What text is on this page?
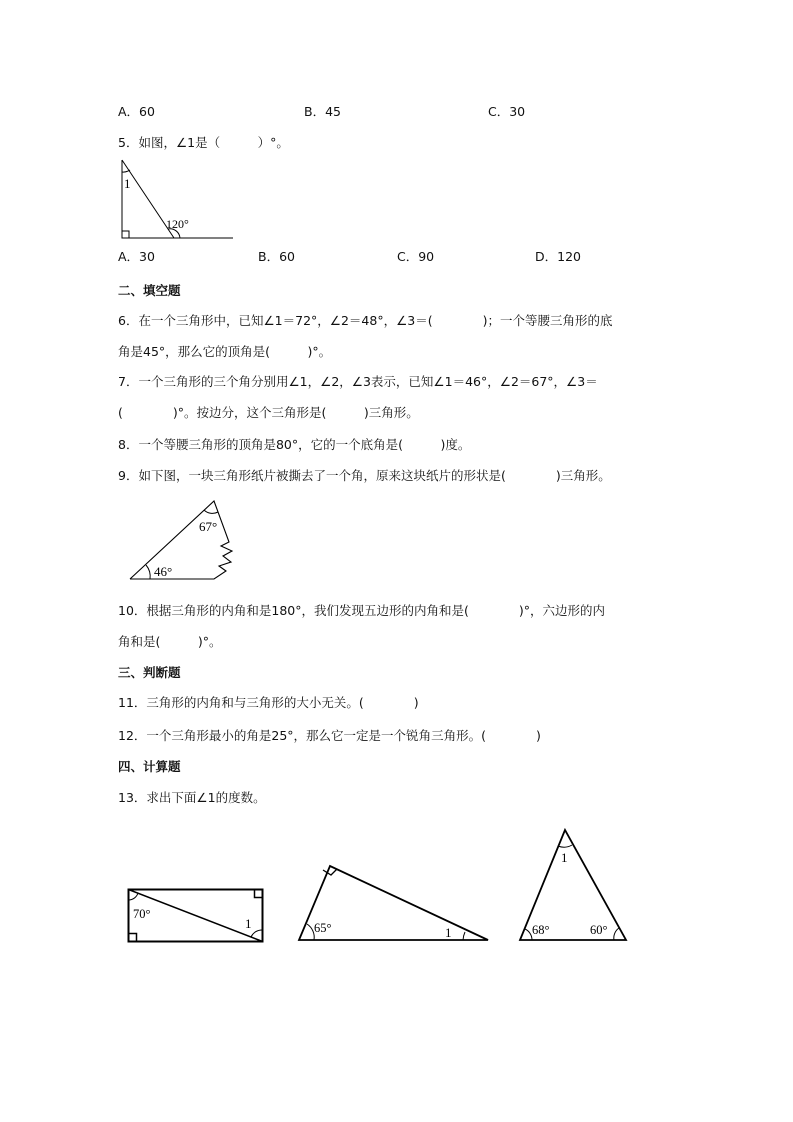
A．60	B．45	C．30
5．如图，∠1是（　　　）°。
1
120°
A．30	B．60	C．90	D．120
二、填空题
6．在一个三角形中，已知∠1＝72°，∠2＝48°，∠3＝(　　　　)；一个等腰三角形的底
角是45°，那么它的顶角是(　　　)°。
7．一个三角形的三个角分别用∠1，∠2，∠3表示，已知∠1＝46°，∠2＝67°，∠3＝
(　　　　)°。按边分，这个三角形是(　　　)三角形。
8．一个等腰三角形的顶角是80°，它的一个底角是(　　　)度。
9．如下图，一块三角形纸片被撕去了一个角，原来这块纸片的形状是(　　　　)三角形。
67°
46°
10．根据三角形的内角和是180°，我们发现五边形的内角和是(　　　　)°，六边形的内
角和是(　　　)°。
三、判断题
11．三角形的内角和与三角形的大小无关。(　　　　)
12．一个三角形最小的角是25°，那么它一定是一个锐角三角形。(　　　　)
四、计算题
13．求出下面∠1的度数。
70°
1	65°	1
1
68°	60°
